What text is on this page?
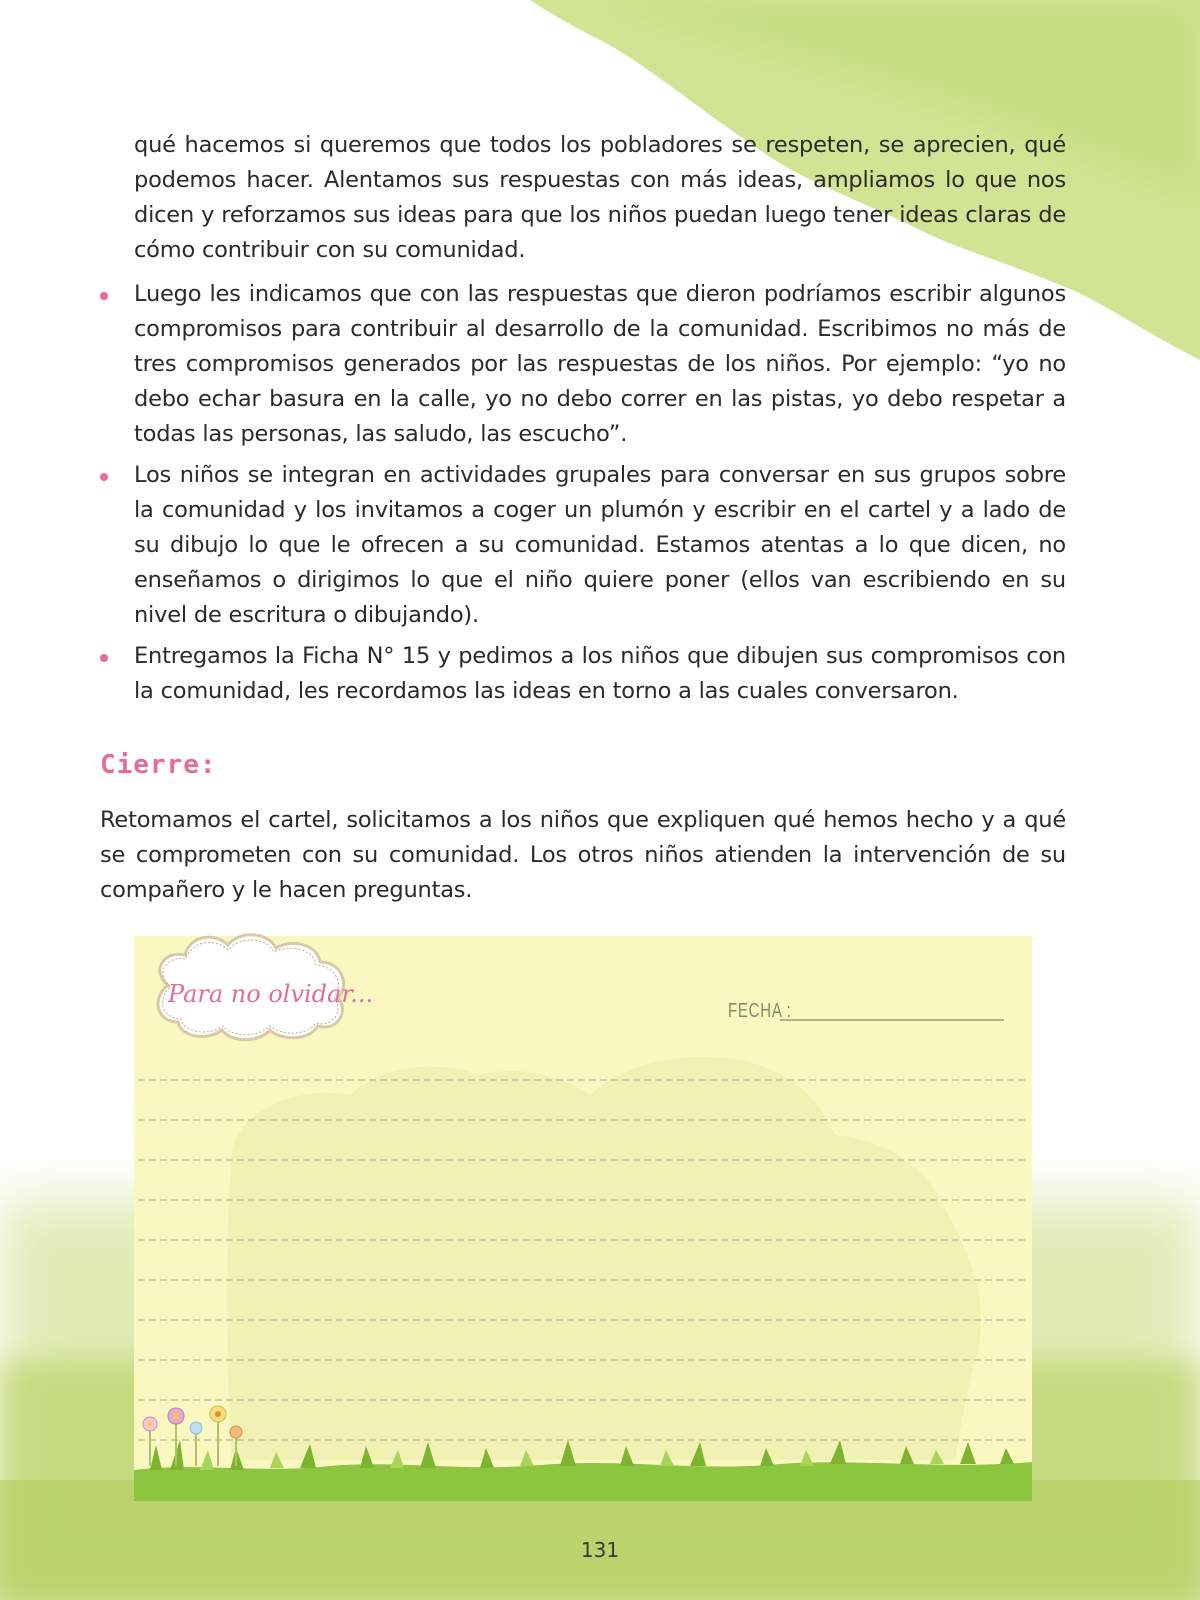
qué hacemos si queremos que todos los pobladores se respeten, se aprecien, qué podemos hacer. Alentamos sus respuestas con más ideas, ampliamos lo que nos dicen y reforzamos sus ideas para que los niños puedan luego tener ideas claras de cómo contribuir con su comunidad.

Luego les indicamos que con las respuestas que dieron podríamos escribir algunos compromisos para contribuir al desarrollo de la comunidad. Escribimos no más de tres compromisos generados por las respuestas de los niños. Por ejemplo: “yo no debo echar basura en la calle, yo no debo correr en las pistas, yo debo respetar a todas las personas, las saludo, las escucho”.
Los niños se integran en actividades grupales para conversar en sus grupos sobre la comunidad y los invitamos a coger un plumón y escribir en el cartel y a lado de su dibujo lo que le ofrecen a su comunidad. Estamos atentas a lo que dicen, no enseñamos o dirigimos lo que el niño quiere poner (ellos van escribiendo en su nivel de escritura o dibujando).
Entregamos la Ficha N° 15 y pedimos a los niños que dibujen sus compromisos con la comunidad, les recordamos las ideas en torno a las cuales conversaron.
Cierre:

Retomamos el cartel, solicitamos a los niños que expliquen qué hemos hecho y a qué se comprometen con su comunidad. Los otros niños atienden la intervención de su compañero y le hacen preguntas.

Para no olvidar...
FECHA :
131
